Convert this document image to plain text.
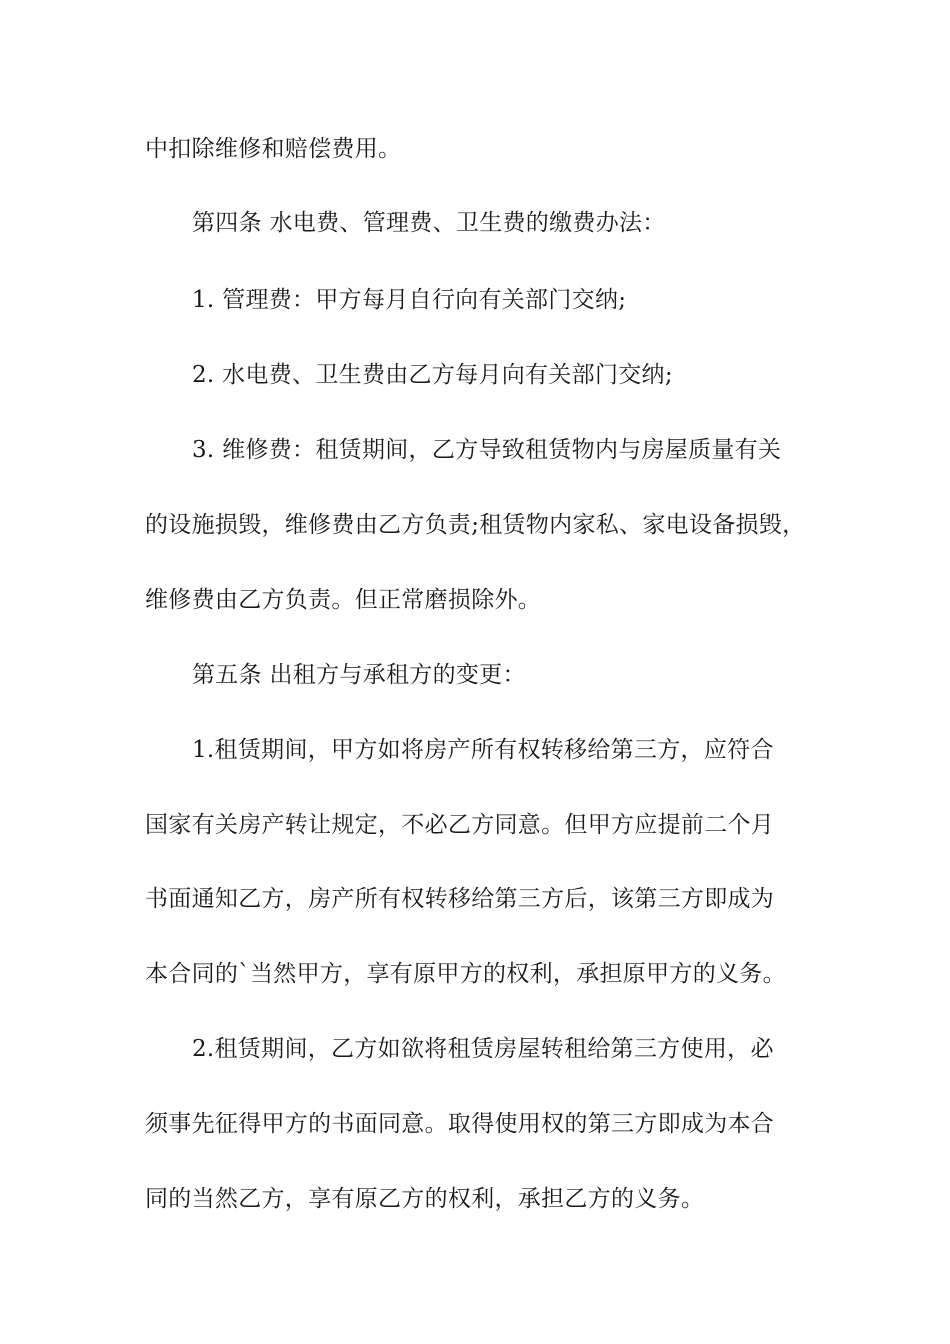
中扣除维修和赔偿费用。

第四条 水电费、管理费、卫生费的缴费办法：

1. 管理费：甲方每月自行向有关部门交纳;

2. 水电费、卫生费由乙方每月向有关部门交纳;

3. 维修费：租赁期间，乙方导致租赁物内与房屋质量有关

的设施损毁，维修费由乙方负责;租赁物内家私、家电设备损毁，

维修费由乙方负责。但正常磨损除外。

第五条 出租方与承租方的变更：

1.租赁期间，甲方如将房产所有权转移给第三方，应符合

国家有关房产转让规定，不必乙方同意。但甲方应提前二个月

书面通知乙方，房产所有权转移给第三方后，该第三方即成为

本合同的`当然甲方，享有原甲方的权利，承担原甲方的义务。

2.租赁期间，乙方如欲将租赁房屋转租给第三方使用，必

须事先征得甲方的书面同意。取得使用权的第三方即成为本合

同的当然乙方，享有原乙方的权利，承担乙方的义务。
